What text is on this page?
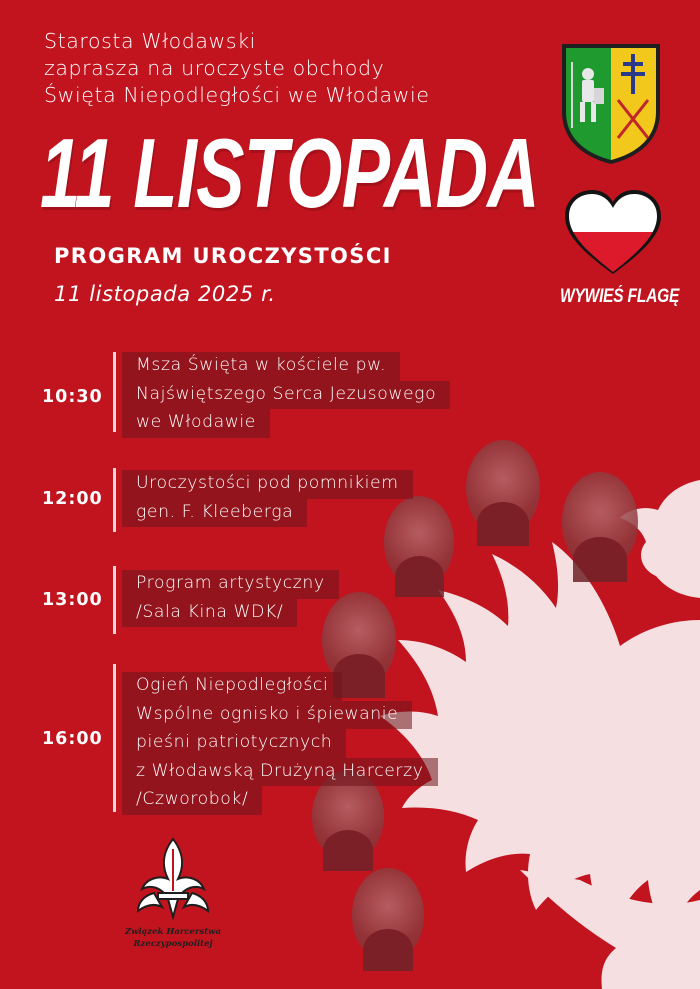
Starosta Włodawski
zaprasza na uroczyste obchody
Święta Niepodległości we Włodawie
11 LISTOPADA
PROGRAM UROCZYSTOŚCI
11 listopada 2025 r.	WYWIEŚ FLAGĘ
10:30
Msza Święta w kościele pw.
Najświętszego Serca Jezusowego
we Włodawie
12:00
Uroczystości pod pomnikiem
gen. F. Kleeberga
13:00
Program artystyczny
/Sala Kina WDK/
16:00
Ogień Niepodległości
Wspólne ognisko i śpiewanie
pieśni patriotycznych
z Włodawską Drużyną Harcerzy
/Czworobok/
Związek Harcerstwa
Rzeczypospolitej
